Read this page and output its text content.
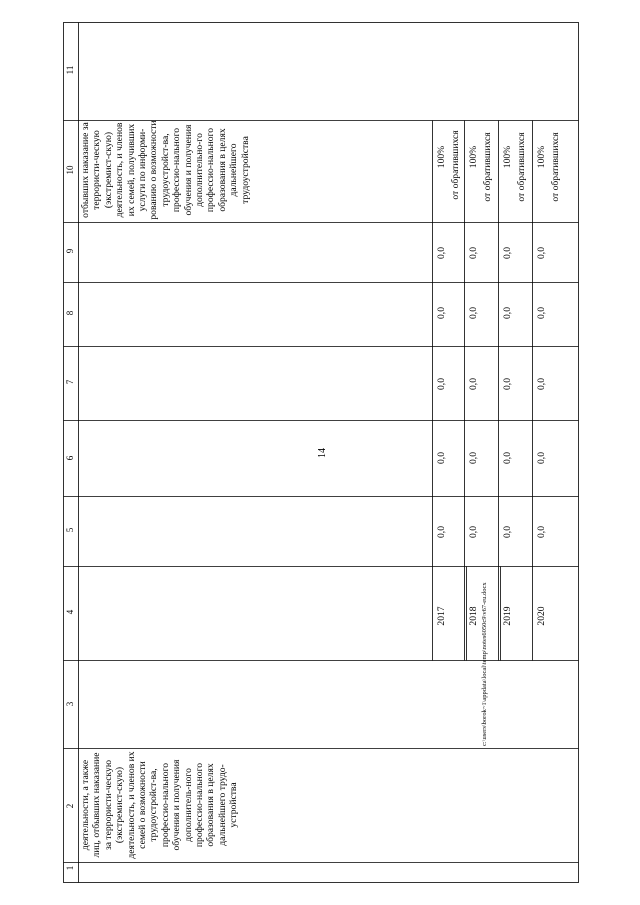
14
c:\users\borok~1\appdata\local\temp\notes6050c9\v67-eu.docx
1
2
3
4
5
6
7
8
9
10
11
деятельности, а также лиц, отбывших наказание за террористи-ческую (экстремист-скую) деятельность, и членов их семей о возможности трудоустройст-ва, профессио-нального обучения и получения дополнитель-ного профессио-нального образования в целях дальнейшего трудо-устройства
отбывших наказание за террористи-ческую (экстремист-скую) деятельность, и членов их семей, получивших услуги по информи-рованию о возможности трудоустройст-ва, профессио-нального обучения и получения дополнительно-го профессио-нального образования в целях дальнейшего трудоустройства
2017 2018 2019 2020
0,0
0,0
0,0
0,0
0,0
100% от обратившихся
0,0
0,0
0,0
0,0
0,0
100% от обратившихся
0,0
0,0
0,0
0,0
0,0
100% от обратившихся
0,0
0,0
0,0
0,0
0,0
100% от обратившихся
